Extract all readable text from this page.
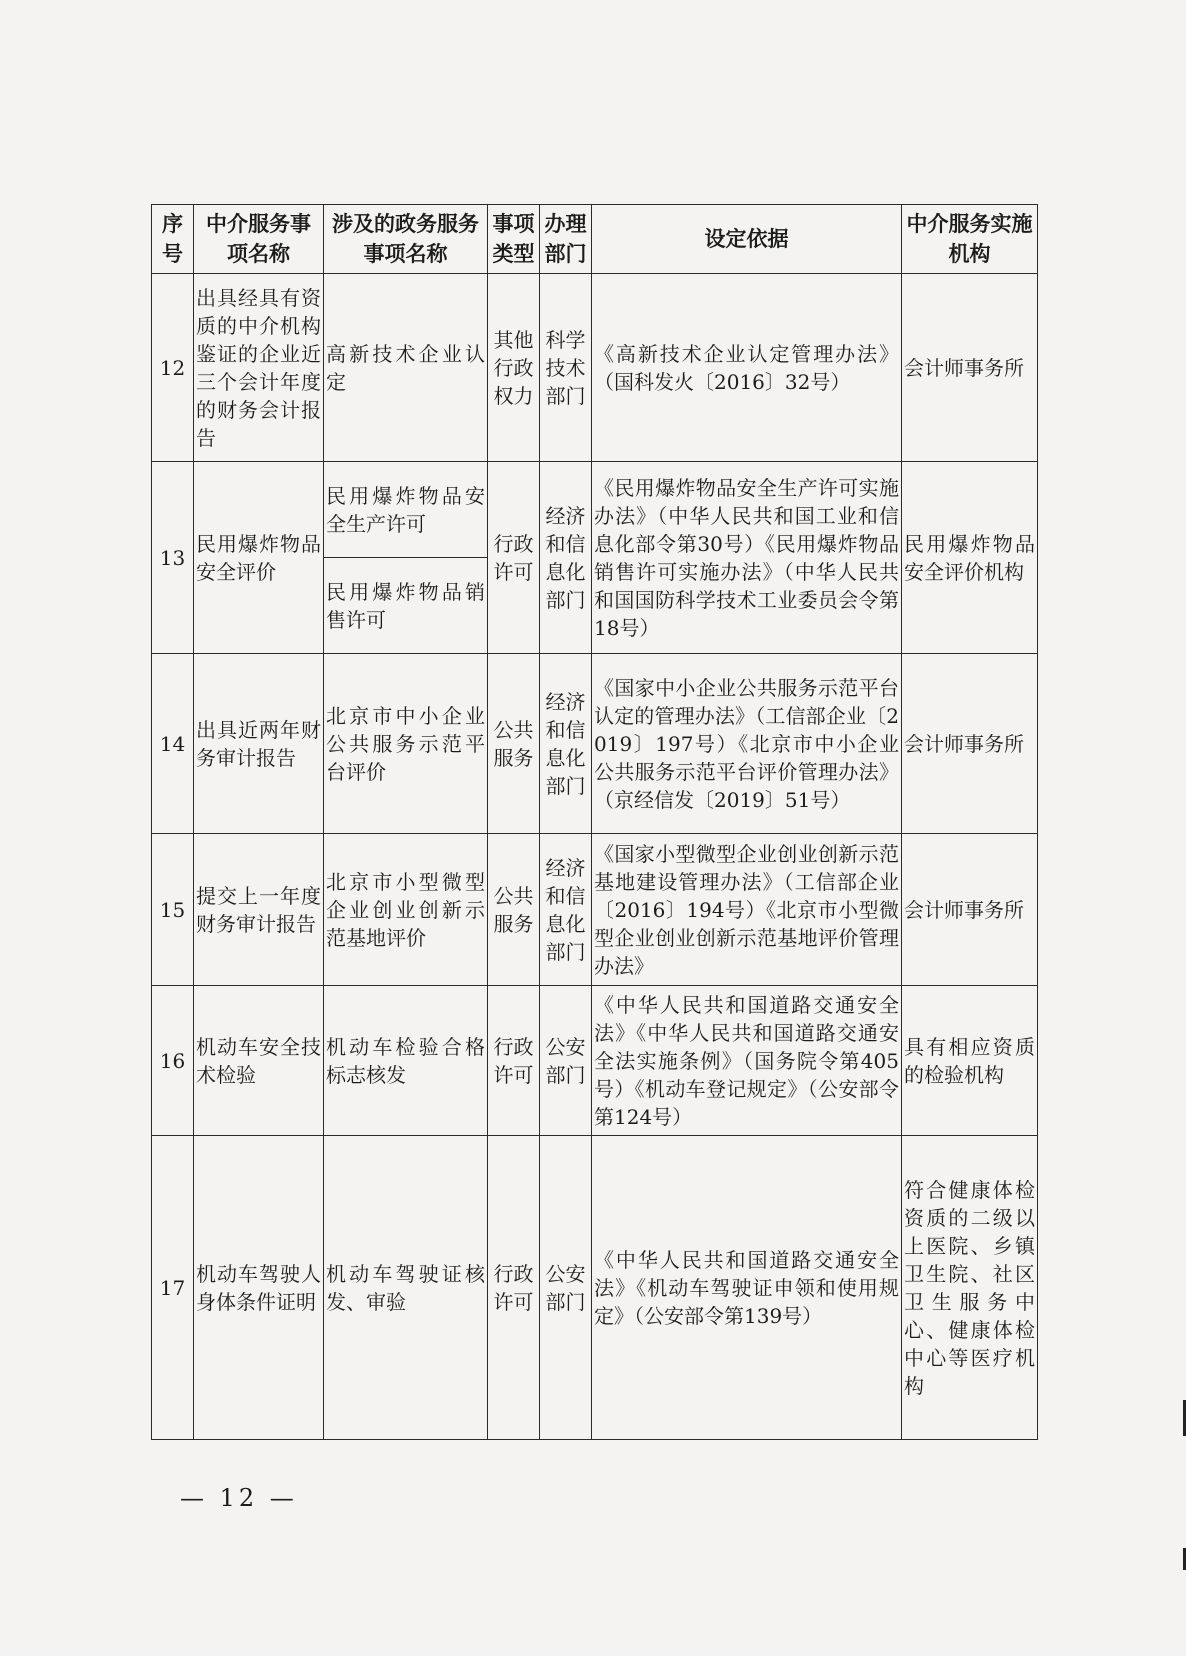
序号	中介服务事项名称	涉及的政务服务事项名称	事项类型	办理部门	设定依据	中介服务实施机构
12	出具经具有资质的中介机构鉴证的企业近三个会计年度的财务会计报告	高新技术企业认定	其他行政权力	科学技术部门	《高新技术企业认定管理办法》（国科发火〔2016〕32号）	会计师事务所
13	民用爆炸物品安全评价	民用爆炸物品安全生产许可	行政许可	经济和信息化部门	《民用爆炸物品安全生产许可实施办法》（中华人民共和国工业和信息化部令第30号）《民用爆炸物品销售许可实施办法》（中华人民共和国国防科学技术工业委员会令第18号）	民用爆炸物品安全评价机构
		民用爆炸物品销售许可				
14	出具近两年财务审计报告	北京市中小企业公共服务示范平台评价	公共服务	经济和信息化部门	《国家中小企业公共服务示范平台认定的管理办法》（工信部企业〔2019〕197号）《北京市中小企业公共服务示范平台评价管理办法》（京经信发〔2019〕51号）	会计师事务所
15	提交上一年度财务审计报告	北京市小型微型企业创业创新示范基地评价	公共服务	经济和信息化部门	《国家小型微型企业创业创新示范基地建设管理办法》（工信部企业〔2016〕194号）《北京市小型微型企业创业创新示范基地评价管理办法》	会计师事务所
16	机动车安全技术检验	机动车检验合格标志核发	行政许可	公安部门	《中华人民共和国道路交通安全法》《中华人民共和国道路交通安全法实施条例》（国务院令第405号）《机动车登记规定》（公安部令第124号）	具有相应资质的检验机构
17	机动车驾驶人身体条件证明	机动车驾驶证核发、审验	行政许可	公安部门	《中华人民共和国道路交通安全法》《机动车驾驶证申领和使用规定》（公安部令第139号）	符合健康体检资质的二级以上医院、乡镇卫生院、社区卫生服务中心、健康体检中心等医疗机构
— 12 —
